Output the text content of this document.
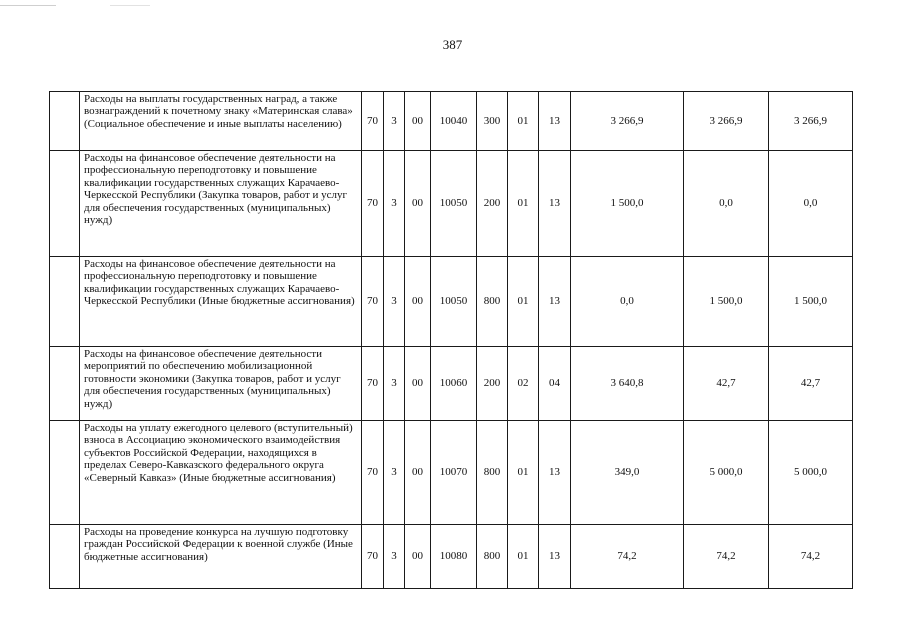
387
	Расходы на выплаты государственных наград, а также вознаграждений к почетному знаку «Материнская слава» (Социальное обеспечение и иные выплаты населению)	70	3	00	10040	300	01	13	3 266,9	3 266,9	3 266,9
	Расходы на финансовое обеспечение деятельности на профессиональную переподготовку и повышение квалификации государственных служащих Карачаево-Черкесской Республики (Закупка товаров, работ и услуг для обеспечения государственных (муниципальных) нужд)	70	3	00	10050	200	01	13	1 500,0	0,0	0,0
	Расходы на финансовое обеспечение деятельности на профессиональную переподготовку и повышение квалификации государственных служащих Карачаево-Черкесской Республики (Иные бюджетные ассигнования)	70	3	00	10050	800	01	13	0,0	1 500,0	1 500,0
	Расходы на финансовое обеспечение деятельности мероприятий по обеспечению мобилизационной готовности экономики (Закупка товаров, работ и услуг для обеспечения государственных (муниципальных) нужд)	70	3	00	10060	200	02	04	3 640,8	42,7	42,7
	Расходы на уплату ежегодного целевого (вступительный) взноса в Ассоциацию экономического взаимодействия субъектов Российской Федерации, находящихся в пределах Северо-Кавказского федерального округа «Северный Кавказ» (Иные бюджетные ассигнования)	70	3	00	10070	800	01	13	349,0	5 000,0	5 000,0
	Расходы на проведение конкурса на лучшую подготовку граждан Российской Федерации к военной службе (Иные бюджетные ассигнования)	70	3	00	10080	800	01	13	74,2	74,2	74,2
